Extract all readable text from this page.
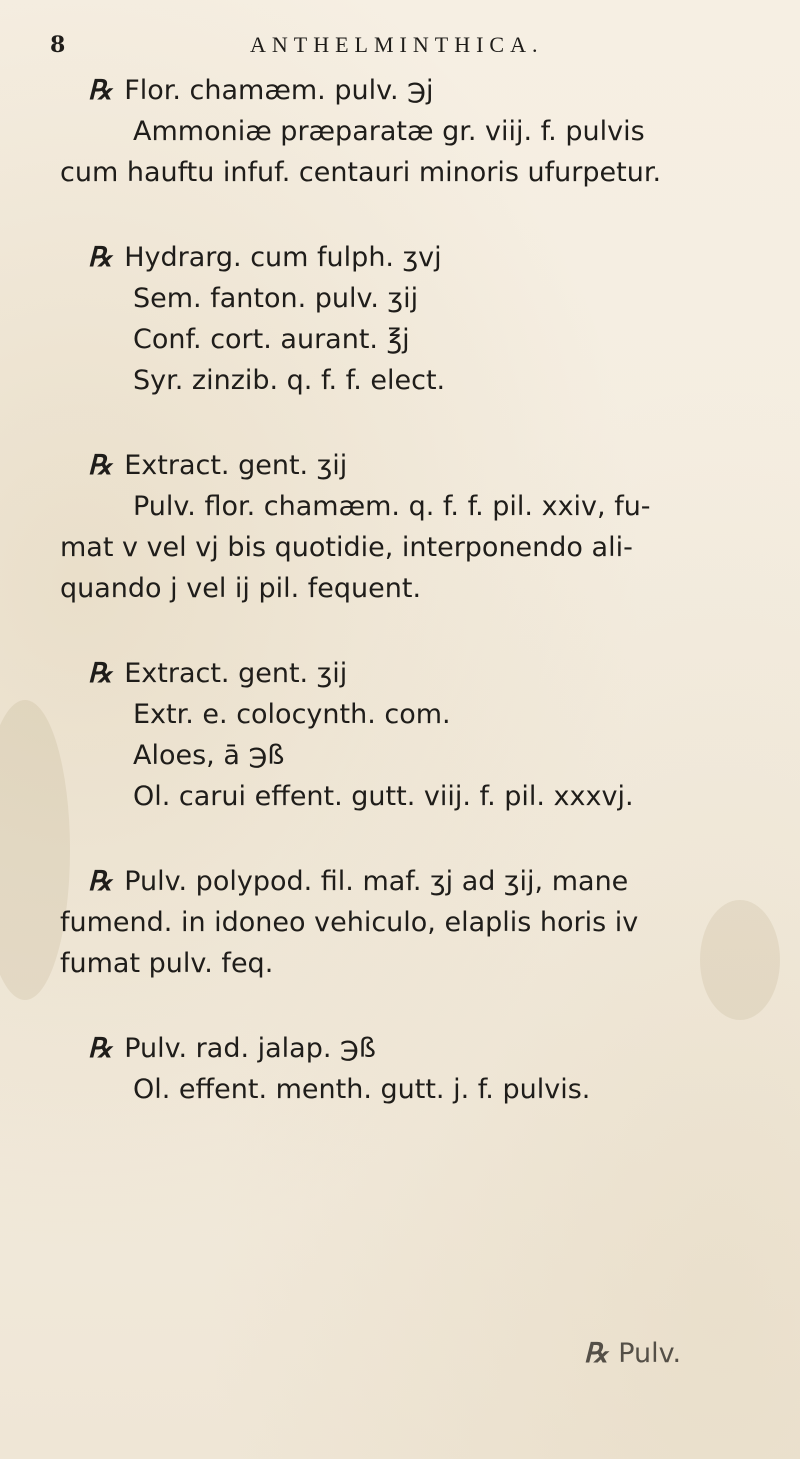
8	ANTHELMINTHICA.
℞ Flor. chamæm. pulv. ℈j
Ammoniæ præparatæ gr. viij. f. pulvis
cum hauftu infuf. centauri minoris ufurpetur.
℞ Hydrarg. cum fulph. ʒvj
Sem. fanton. pulv. ʒij
Conf. cort. aurant. ℥j
Syr. zinzib. q. f. f. elect.
℞ Extract. gent. ʒij
Pulv. flor. chamæm. q. f. f. pil. xxiv, fu-
mat v vel vj bis quotidie, interponendo ali-
quando j vel ij pil. fequent.
℞ Extract. gent. ʒij
Extr. e. colocynth. com.
Aloes, ā ℈ß
Ol. carui effent. gutt. viij. f. pil. xxxvj.
℞ Pulv. polypod. fil. maf. ʒj ad ʒij, mane
fumend. in idoneo vehiculo, elaplis horis iv
fumat pulv. feq.
℞ Pulv. rad. jalap. ℈ß
Ol. effent. menth. gutt. j. f. pulvis.
℞ Pulv.
